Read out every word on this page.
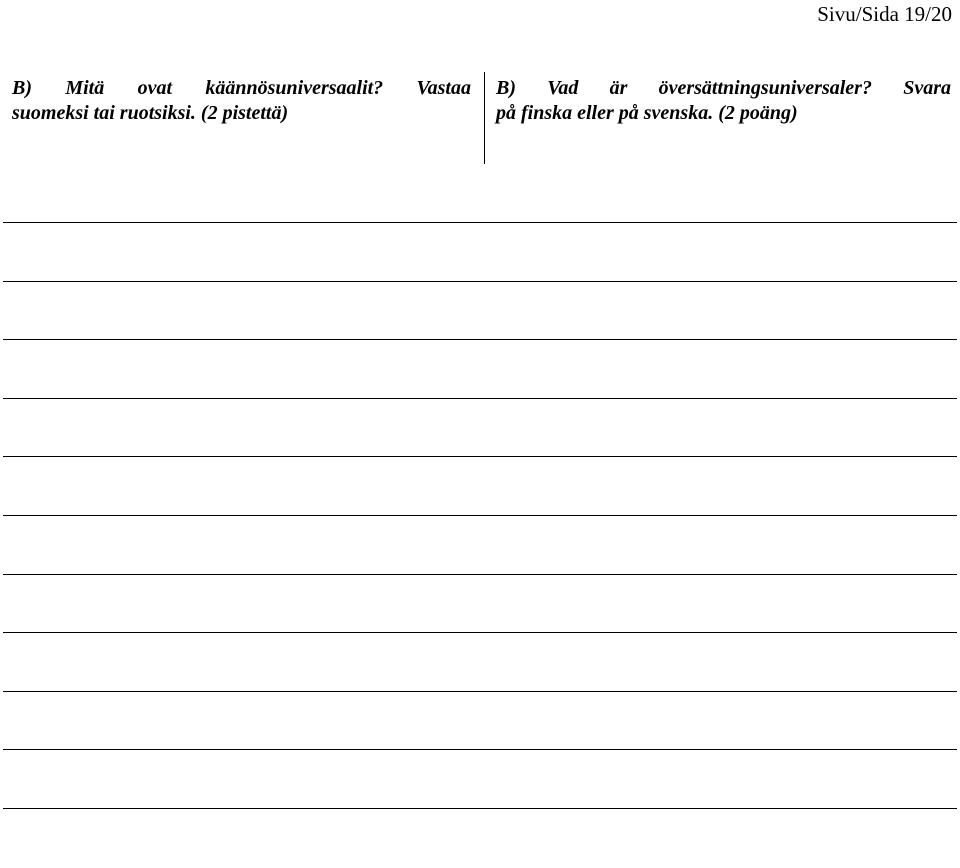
Sivu/Sida 19/20
B) Mitä ovat käännösuniversaalit? Vastaa
suomeksi tai ruotsiksi. (2 pistettä)
B) Vad är översättningsuniversaler? Svara
på finska eller på svenska. (2 poäng)
